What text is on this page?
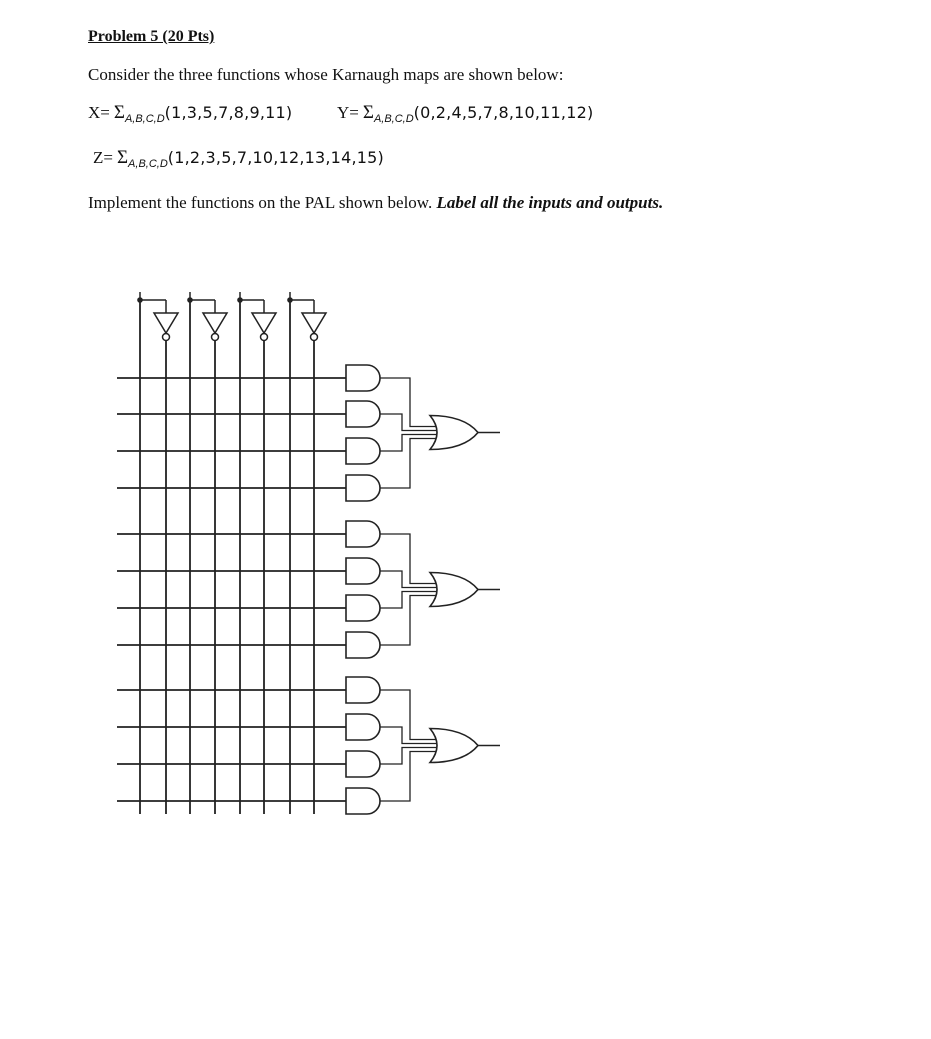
Problem 5 (20 Pts)
Consider the three functions whose Karnaugh maps are shown below:
X= Σ A,B,C,D (1,3,5,7,8,9,11)	Y= Σ A,B,C,D (0,2,4,5,7,8,10,11,12)
Z= Σ A,B,C,D (1,2,3,5,7,10,12,13,14,15)
Implement the functions on the PAL shown below. Label all the inputs and outputs.
